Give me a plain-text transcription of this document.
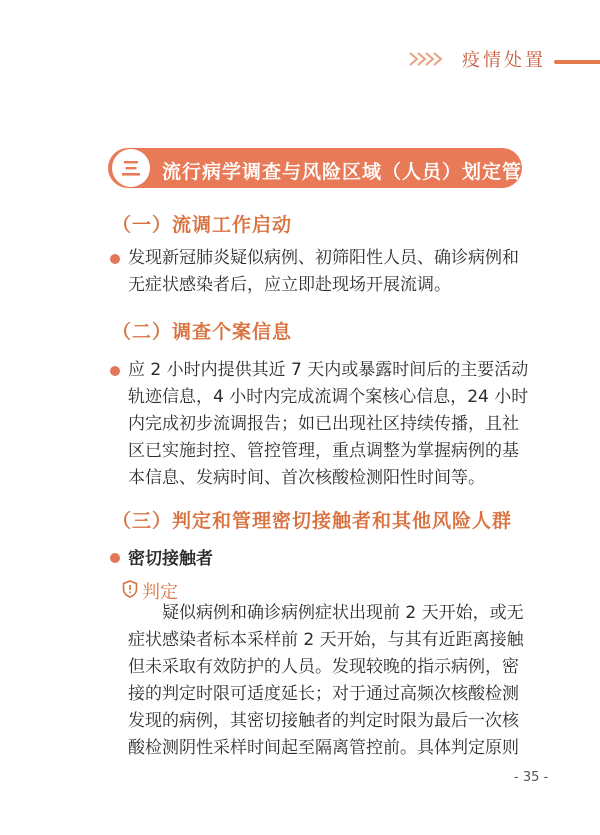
疫情处置
流行病学调查与风险区域（人员）划定管控
（一）流调工作启动
发现新冠肺炎疑似病例、初筛阳性人员、确诊病例和
无症状感染者后，应立即赴现场开展流调。
（二）调查个案信息
应 2 小时内提供其近 7 天内或暴露时间后的主要活动
轨迹信息，4 小时内完成流调个案核心信息，24 小时
内完成初步流调报告；如已出现社区持续传播，且社
区已实施封控、管控管理，重点调整为掌握病例的基
本信息、发病时间、首次核酸检测阳性时间等。
（三）判定和管理密切接触者和其他风险人群
密切接触者
判定
疑似病例和确诊病例症状出现前 2 天开始，或无
症状感染者标本采样前 2 天开始，与其有近距离接触
但未采取有效防护的人员。发现较晚的指示病例，密
接的判定时限可适度延长；对于通过高频次核酸检测
发现的病例，其密切接触者的判定时限为最后一次核
酸检测阴性采样时间起至隔离管控前。具体判定原则
- 35 -
